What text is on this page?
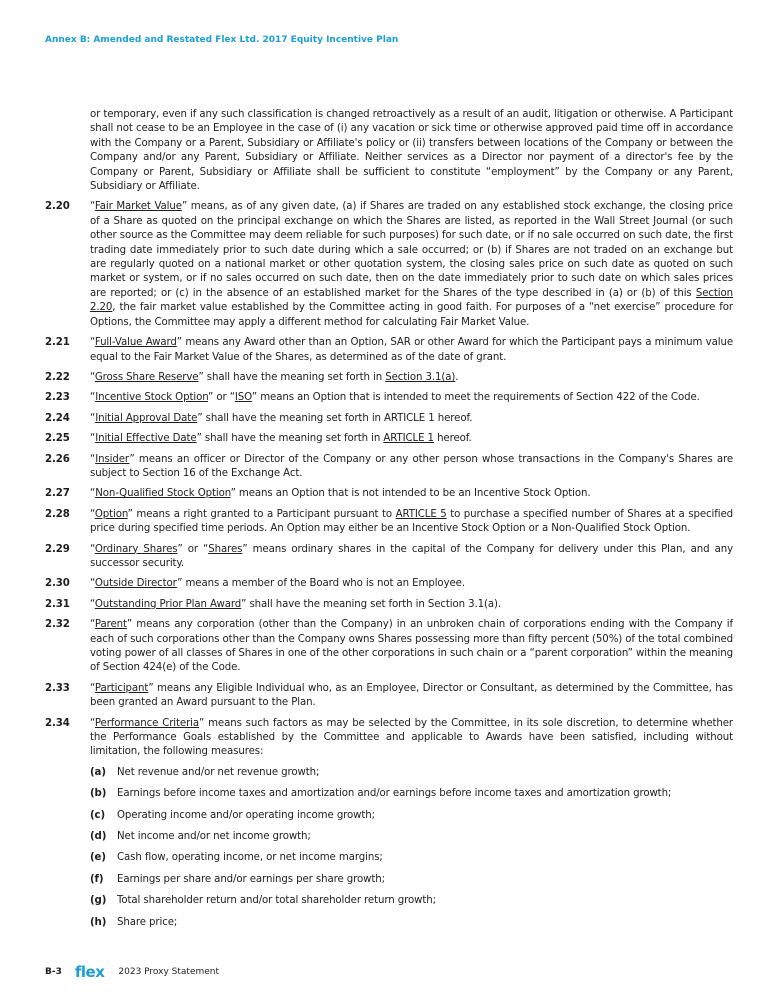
Annex B: Amended and Restated Flex Ltd. 2017 Equity Incentive Plan

or temporary, even if any such classification is changed retroactively as a result of an audit, litigation or otherwise. A Participant shall not cease to be an Employee in the case of (i) any vacation or sick time or otherwise approved paid time off in accordance with the Company or a Parent, Subsidiary or Affiliate's policy or (ii) transfers between locations of the Company or between the Company and/or any Parent, Subsidiary or Affiliate. Neither services as a Director nor payment of a director's fee by the Company or Parent, Subsidiary or Affiliate shall be sufficient to constitute “employment” by the Company or any Parent, Subsidiary or Affiliate.

2.20 “Fair Market Value” means, as of any given date, (a) if Shares are traded on any established stock exchange, the closing price of a Share as quoted on the principal exchange on which the Shares are listed, as reported in the Wall Street Journal (or such other source as the Committee may deem reliable for such purposes) for such date, or if no sale occurred on such date, the first trading date immediately prior to such date during which a sale occurred; or (b) if Shares are not traded on an exchange but are regularly quoted on a national market or other quotation system, the closing sales price on such date as quoted on such market or system, or if no sales occurred on such date, then on the date immediately prior to such date on which sales prices are reported; or (c) in the absence of an established market for the Shares of the type described in (a) or (b) of this Section 2.20, the fair market value established by the Committee acting in good faith. For purposes of a “net exercise” procedure for Options, the Committee may apply a different method for calculating Fair Market Value.
2.21 “Full-Value Award” means any Award other than an Option, SAR or other Award for which the Participant pays a minimum value equal to the Fair Market Value of the Shares, as determined as of the date of grant.
2.22 “Gross Share Reserve” shall have the meaning set forth in Section 3.1(a).
2.23 “Incentive Stock Option” or “ISO” means an Option that is intended to meet the requirements of Section 422 of the Code.
2.24 “Initial Approval Date” shall have the meaning set forth in ARTICLE 1 hereof.
2.25 “Initial Effective Date” shall have the meaning set forth in ARTICLE 1 hereof.
2.26 “Insider” means an officer or Director of the Company or any other person whose transactions in the Company's Shares are subject to Section 16 of the Exchange Act.
2.27 “Non-Qualified Stock Option” means an Option that is not intended to be an Incentive Stock Option.
2.28 “Option” means a right granted to a Participant pursuant to ARTICLE 5 to purchase a specified number of Shares at a specified price during specified time periods. An Option may either be an Incentive Stock Option or a Non-Qualified Stock Option.
2.29 “Ordinary Shares” or “Shares” means ordinary shares in the capital of the Company for delivery under this Plan, and any successor security.
2.30 “Outside Director” means a member of the Board who is not an Employee.
2.31 “Outstanding Prior Plan Award” shall have the meaning set forth in Section 3.1(a).
2.32 “Parent” means any corporation (other than the Company) in an unbroken chain of corporations ending with the Company if each of such corporations other than the Company owns Shares possessing more than fifty percent (50%) of the total combined voting power of all classes of Shares in one of the other corporations in such chain or a “parent corporation” within the meaning of Section 424(e) of the Code.
2.33 “Participant” means any Eligible Individual who, as an Employee, Director or Consultant, as determined by the Committee, has been granted an Award pursuant to the Plan.
2.34 “Performance Criteria” means such factors as may be selected by the Committee, in its sole discretion, to determine whether the Performance Goals established by the Committee and applicable to Awards have been satisfied, including without limitation, the following measures:
(a) Net revenue and/or net revenue growth;
(b) Earnings before income taxes and amortization and/or earnings before income taxes and amortization growth;
(c) Operating income and/or operating income growth;
(d) Net income and/or net income growth;
(e) Cash flow, operating income, or net income margins;
(f) Earnings per share and/or earnings per share growth;
(g) Total shareholder return and/or total shareholder return growth;
(h) Share price;
B-3 flex 2023 Proxy Statement
